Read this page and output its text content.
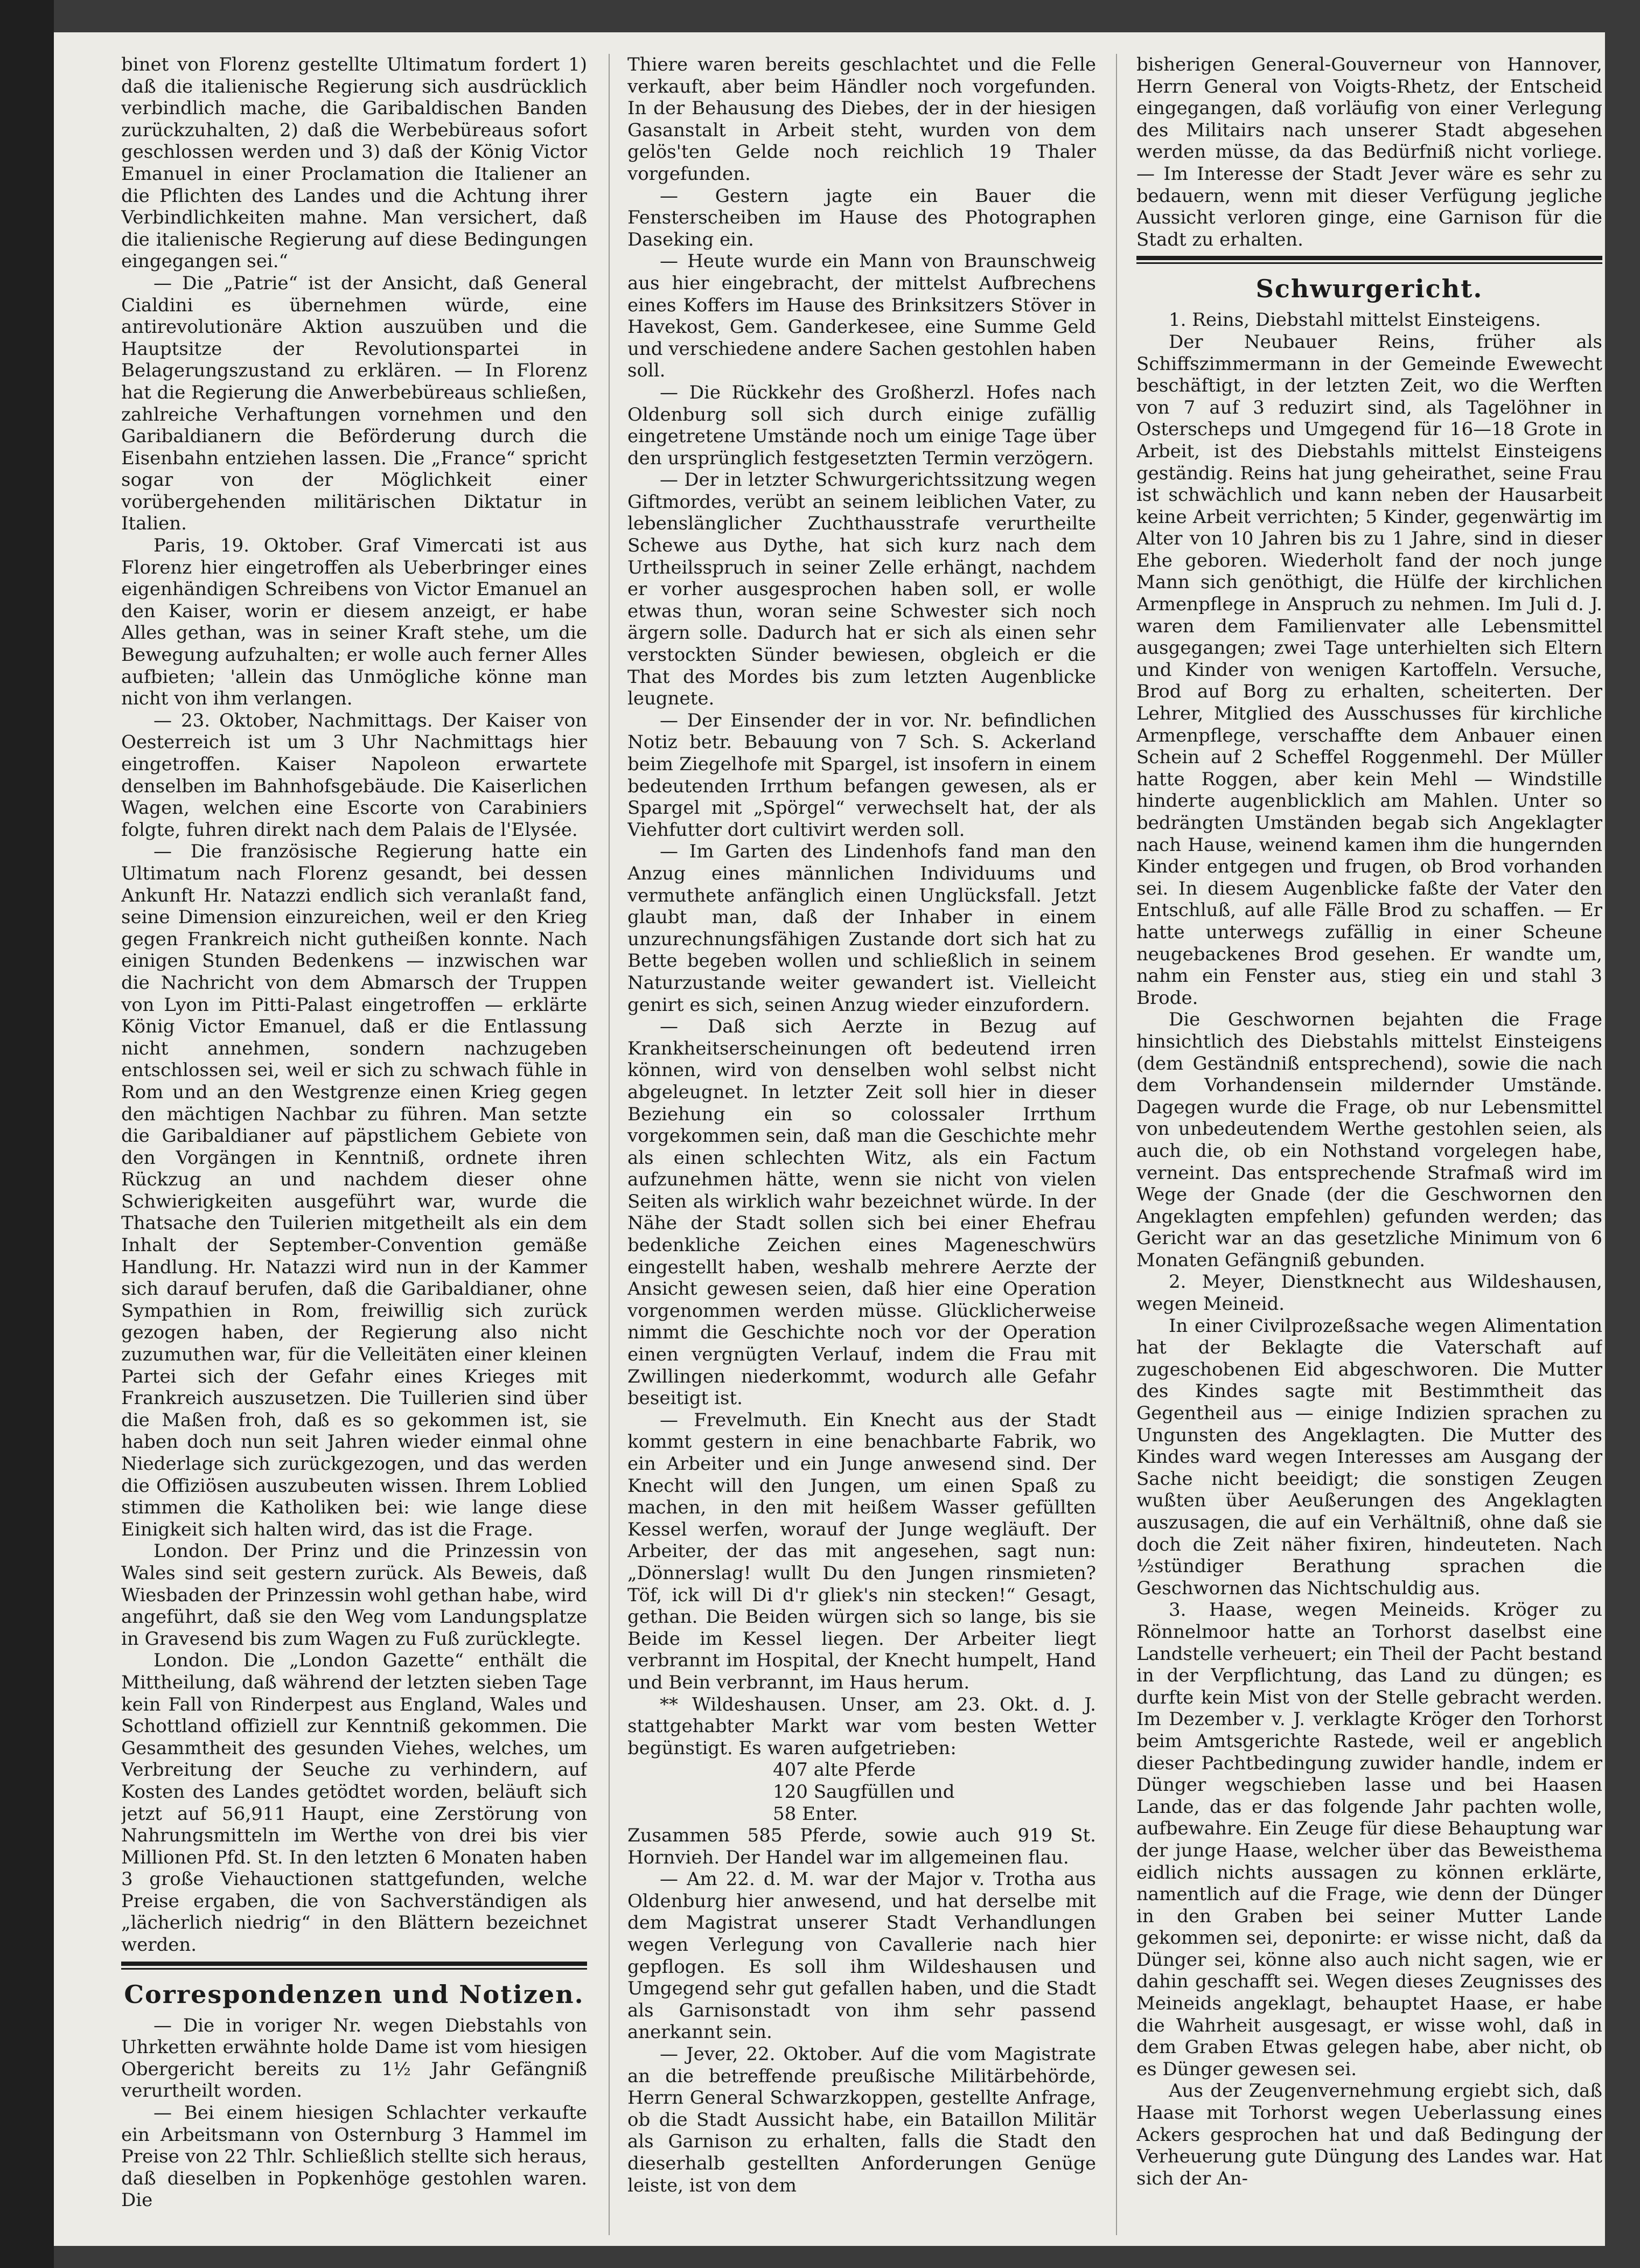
binet von Florenz gestellte Ultimatum fordert 1) daß die italienische Regierung sich ausdrücklich verbindlich mache, die Garibaldischen Banden zurückzuhalten, 2) daß die Werbebüreaus sofort geschlossen werden und 3) daß der König Victor Emanuel in einer Proclamation die Italiener an die Pflichten des Landes und die Achtung ihrer Verbindlichkeiten mahne. Man versichert, daß die italienische Regierung auf diese Bedingungen eingegangen sei.“

— Die „Patrie“ ist der Ansicht, daß General Cialdini es übernehmen würde, eine antirevolutionäre Aktion auszuüben und die Hauptsitze der Revolutionspartei in Belagerungszustand zu erklären. — In Florenz hat die Regierung die Anwerbebüreaus schließen, zahlreiche Verhaftungen vornehmen und den Garibaldianern die Beförderung durch die Eisenbahn entziehen lassen. Die „France“ spricht sogar von der Möglichkeit einer vorübergehenden militärischen Diktatur in Italien.

Paris, 19. Oktober. Graf Vimercati ist aus Florenz hier eingetroffen als Ueberbringer eines eigenhändigen Schreibens von Victor Emanuel an den Kaiser, worin er diesem anzeigt, er habe Alles gethan, was in seiner Kraft stehe, um die Bewegung aufzuhalten; er wolle auch ferner Alles aufbieten; 'allein das Unmögliche könne man nicht von ihm verlangen.

— 23. Oktober, Nachmittags. Der Kaiser von Oesterreich ist um 3 Uhr Nachmittags hier eingetroffen. Kaiser Napoleon erwartete denselben im Bahnhofsgebäude. Die Kaiserlichen Wagen, welchen eine Escorte von Carabiniers folgte, fuhren direkt nach dem Palais de l'Elysée.

— Die französische Regierung hatte ein Ultimatum nach Florenz gesandt, bei dessen Ankunft Hr. Natazzi endlich sich veranlaßt fand, seine Dimension einzureichen, weil er den Krieg gegen Frankreich nicht gutheißen konnte. Nach einigen Stunden Bedenkens — inzwischen war die Nachricht von dem Abmarsch der Truppen von Lyon im Pitti-Palast eingetroffen — erklärte König Victor Emanuel, daß er die Entlassung nicht annehmen, sondern nachzugeben entschlossen sei, weil er sich zu schwach fühle in Rom und an den Westgrenze einen Krieg gegen den mächtigen Nachbar zu führen. Man setzte die Garibaldianer auf päpstlichem Gebiete von den Vorgängen in Kenntniß, ordnete ihren Rückzug an und nachdem dieser ohne Schwierigkeiten ausgeführt war, wurde die Thatsache den Tuilerien mitgetheilt als ein dem Inhalt der September-Convention gemäße Handlung. Hr. Natazzi wird nun in der Kammer sich darauf berufen, daß die Garibaldianer, ohne Sympathien in Rom, freiwillig sich zurück gezogen haben, der Regierung also nicht zuzumuthen war, für die Velleitäten einer kleinen Partei sich der Gefahr eines Krieges mit Frankreich auszusetzen. Die Tuillerien sind über die Maßen froh, daß es so gekommen ist, sie haben doch nun seit Jahren wieder einmal ohne Niederlage sich zurückgezogen, und das werden die Offiziösen auszubeuten wissen. Ihrem Loblied stimmen die Katholiken bei: wie lange diese Einigkeit sich halten wird, das ist die Frage.

London. Der Prinz und die Prinzessin von Wales sind seit gestern zurück. Als Beweis, daß Wiesbaden der Prinzessin wohl gethan habe, wird angeführt, daß sie den Weg vom Landungsplatze in Gravesend bis zum Wagen zu Fuß zurücklegte.

London. Die „London Gazette“ enthält die Mittheilung, daß während der letzten sieben Tage kein Fall von Rinderpest aus England, Wales und Schottland offiziell zur Kenntniß gekommen. Die Gesammtheit des gesunden Viehes, welches, um Verbreitung der Seuche zu verhindern, auf Kosten des Landes getödtet worden, beläuft sich jetzt auf 56,911 Haupt, eine Zerstörung von Nahrungsmitteln im Werthe von drei bis vier Millionen Pfd. St. In den letzten 6 Monaten haben 3 große Viehauctionen stattgefunden, welche Preise ergaben, die von Sachverständigen als „lächerlich niedrig“ in den Blättern bezeichnet werden.

Correspondenzen und Notizen.

— Die in voriger Nr. wegen Diebstahls von Uhrketten erwähnte holde Dame ist vom hiesigen Obergericht bereits zu 1½ Jahr Gefängniß verurtheilt worden.

— Bei einem hiesigen Schlachter verkaufte ein Arbeitsmann von Osternburg 3 Hammel im Preise von 22 Thlr. Schließlich stellte sich heraus, daß dieselben in Popkenhöge gestohlen waren. Die

Thiere waren bereits geschlachtet und die Felle verkauft, aber beim Händler noch vorgefunden. In der Behausung des Diebes, der in der hiesigen Gasanstalt in Arbeit steht, wurden von dem gelös'ten Gelde noch reichlich 19 Thaler vorgefunden.

— Gestern jagte ein Bauer die Fensterscheiben im Hause des Photographen Daseking ein.

— Heute wurde ein Mann von Braunschweig aus hier eingebracht, der mittelst Aufbrechens eines Koffers im Hause des Brinksitzers Stöver in Havekost, Gem. Ganderkesee, eine Summe Geld und verschiedene andere Sachen gestohlen haben soll.

— Die Rückkehr des Großherzl. Hofes nach Oldenburg soll sich durch einige zufällig eingetretene Umstände noch um einige Tage über den ursprünglich festgesetzten Termin verzögern.

— Der in letzter Schwurgerichtssitzung wegen Giftmordes, verübt an seinem leiblichen Vater, zu lebenslänglicher Zuchthausstrafe verurtheilte Schewe aus Dythe, hat sich kurz nach dem Urtheilsspruch in seiner Zelle erhängt, nachdem er vorher ausgesprochen haben soll, er wolle etwas thun, woran seine Schwester sich noch ärgern solle. Dadurch hat er sich als einen sehr verstockten Sünder bewiesen, obgleich er die That des Mordes bis zum letzten Augenblicke leugnete.

— Der Einsender der in vor. Nr. befindlichen Notiz betr. Bebauung von 7 Sch. S. Ackerland beim Ziegelhofe mit Spargel, ist insofern in einem bedeutenden Irrthum befangen gewesen, als er Spargel mit „Spörgel“ verwechselt hat, der als Viehfutter dort cultivirt werden soll.

— Im Garten des Lindenhofs fand man den Anzug eines männlichen Individuums und vermuthete anfänglich einen Unglücksfall. Jetzt glaubt man, daß der Inhaber in einem unzurechnungsfähigen Zustande dort sich hat zu Bette begeben wollen und schließlich in seinem Naturzustande weiter gewandert ist. Vielleicht genirt es sich, seinen Anzug wieder einzufordern.

— Daß sich Aerzte in Bezug auf Krankheitserscheinungen oft bedeutend irren können, wird von denselben wohl selbst nicht abgeleugnet. In letzter Zeit soll hier in dieser Beziehung ein so colossaler Irrthum vorgekommen sein, daß man die Geschichte mehr als einen schlechten Witz, als ein Factum aufzunehmen hätte, wenn sie nicht von vielen Seiten als wirklich wahr bezeichnet würde. In der Nähe der Stadt sollen sich bei einer Ehefrau bedenkliche Zeichen eines Mageneschwürs eingestellt haben, weshalb mehrere Aerzte der Ansicht gewesen seien, daß hier eine Operation vorgenommen werden müsse. Glücklicherweise nimmt die Geschichte noch vor der Operation einen vergnügten Verlauf, indem die Frau mit Zwillingen niederkommt, wodurch alle Gefahr beseitigt ist.

— Frevelmuth. Ein Knecht aus der Stadt kommt gestern in eine benachbarte Fabrik, wo ein Arbeiter und ein Junge anwesend sind. Der Knecht will den Jungen, um einen Spaß zu machen, in den mit heißem Wasser gefüllten Kessel werfen, worauf der Junge wegläuft. Der Arbeiter, der das mit angesehen, sagt nun: „Dönnerslag! wullt Du den Jungen rinsmieten? Töf, ick will Di d'r gliek's nin stecken!“ Gesagt, gethan. Die Beiden würgen sich so lange, bis sie Beide im Kessel liegen. Der Arbeiter liegt verbrannt im Hospital, der Knecht humpelt, Hand und Bein verbrannt, im Haus herum.

** Wildeshausen. Unser, am 23. Okt. d. J. stattgehabter Markt war vom besten Wetter begünstigt. Es waren aufgetrieben:

407 alte Pferde

120 Saugfüllen und

58 Enter.

Zusammen 585 Pferde, sowie auch 919 St. Hornvieh. Der Handel war im allgemeinen flau.

— Am 22. d. M. war der Major v. Trotha aus Oldenburg hier anwesend, und hat derselbe mit dem Magistrat unserer Stadt Verhandlungen wegen Verlegung von Cavallerie nach hier gepflogen. Es soll ihm Wildeshausen und Umgegend sehr gut gefallen haben, und die Stadt als Garnisonstadt von ihm sehr passend anerkannt sein.

— Jever, 22. Oktober. Auf die vom Magistrate an die betreffende preußische Militärbehörde, Herrn General Schwarzkoppen, gestellte Anfrage, ob die Stadt Aussicht habe, ein Bataillon Militär als Garnison zu erhalten, falls die Stadt den dieserhalb gestellten Anforderungen Genüge leiste, ist von dem

bisherigen General-Gouverneur von Hannover, Herrn General von Voigts-Rhetz, der Entscheid eingegangen, daß vorläufig von einer Verlegung des Militairs nach unserer Stadt abgesehen werden müsse, da das Bedürfniß nicht vorliege. — Im Interesse der Stadt Jever wäre es sehr zu bedauern, wenn mit dieser Verfügung jegliche Aussicht verloren ginge, eine Garnison für die Stadt zu erhalten.

Schwurgericht.

1. Reins, Diebstahl mittelst Einsteigens.

Der Neubauer Reins, früher als Schiffszimmermann in der Gemeinde Ewewecht beschäftigt, in der letzten Zeit, wo die Werften von 7 auf 3 reduzirt sind, als Tagelöhner in Osterscheps und Umgegend für 16—18 Grote in Arbeit, ist des Diebstahls mittelst Einsteigens geständig. Reins hat jung geheirathet, seine Frau ist schwächlich und kann neben der Hausarbeit keine Arbeit verrichten; 5 Kinder, gegenwärtig im Alter von 10 Jahren bis zu 1 Jahre, sind in dieser Ehe geboren. Wiederholt fand der noch junge Mann sich genöthigt, die Hülfe der kirchlichen Armenpflege in Anspruch zu nehmen. Im Juli d. J. waren dem Familienvater alle Lebensmittel ausgegangen; zwei Tage unterhielten sich Eltern und Kinder von wenigen Kartoffeln. Versuche, Brod auf Borg zu erhalten, scheiterten. Der Lehrer, Mitglied des Ausschusses für kirchliche Armenpflege, verschaffte dem Anbauer einen Schein auf 2 Scheffel Roggenmehl. Der Müller hatte Roggen, aber kein Mehl — Windstille hinderte augenblicklich am Mahlen. Unter so bedrängten Umständen begab sich Angeklagter nach Hause, weinend kamen ihm die hungernden Kinder entgegen und frugen, ob Brod vorhanden sei. In diesem Augenblicke faßte der Vater den Entschluß, auf alle Fälle Brod zu schaffen. — Er hatte unterwegs zufällig in einer Scheune neugebackenes Brod gesehen. Er wandte um, nahm ein Fenster aus, stieg ein und stahl 3 Brode.

Die Geschwornen bejahten die Frage hinsichtlich des Diebstahls mittelst Einsteigens (dem Geständniß entsprechend), sowie die nach dem Vorhandensein mildernder Umstände. Dagegen wurde die Frage, ob nur Lebensmittel von unbedeutendem Werthe gestohlen seien, als auch die, ob ein Nothstand vorgelegen habe, verneint. Das entsprechende Strafmaß wird im Wege der Gnade (der die Geschwornen den Angeklagten empfehlen) gefunden werden; das Gericht war an das gesetzliche Minimum von 6 Monaten Gefängniß gebunden.

2. Meyer, Dienstknecht aus Wildeshausen, wegen Meineid.

In einer Civilprozeßsache wegen Alimentation hat der Beklagte die Vaterschaft auf zugeschobenen Eid abgeschworen. Die Mutter des Kindes sagte mit Bestimmtheit das Gegentheil aus — einige Indizien sprachen zu Ungunsten des Angeklagten. Die Mutter des Kindes ward wegen Interesses am Ausgang der Sache nicht beeidigt; die sonstigen Zeugen wußten über Aeußerungen des Angeklagten auszusagen, die auf ein Verhältniß, ohne daß sie doch die Zeit näher fixiren, hindeuteten. Nach ½stündiger Berathung sprachen die Geschwornen das Nichtschuldig aus.

3. Haase, wegen Meineids. Kröger zu Rönnelmoor hatte an Torhorst daselbst eine Landstelle verheuert; ein Theil der Pacht bestand in der Verpflichtung, das Land zu düngen; es durfte kein Mist von der Stelle gebracht werden. Im Dezember v. J. verklagte Kröger den Torhorst beim Amtsgerichte Rastede, weil er angeblich dieser Pachtbedingung zuwider handle, indem er Dünger wegschieben lasse und bei Haasen Lande, das er das folgende Jahr pachten wolle, aufbewahre. Ein Zeuge für diese Behauptung war der junge Haase, welcher über das Beweisthema eidlich nichts aussagen zu können erklärte, namentlich auf die Frage, wie denn der Dünger in den Graben bei seiner Mutter Lande gekommen sei, deponirte: er wisse nicht, daß da Dünger sei, könne also auch nicht sagen, wie er dahin geschafft sei. Wegen dieses Zeugnisses des Meineids angeklagt, behauptet Haase, er habe die Wahrheit ausgesagt, er wisse wohl, daß in dem Graben Etwas gelegen habe, aber nicht, ob es Dünger gewesen sei.

Aus der Zeugenvernehmung ergiebt sich, daß Haase mit Torhorst wegen Ueberlassung eines Ackers gesprochen hat und daß Bedingung der Verheuerung gute Düngung des Landes war. Hat sich der An-
